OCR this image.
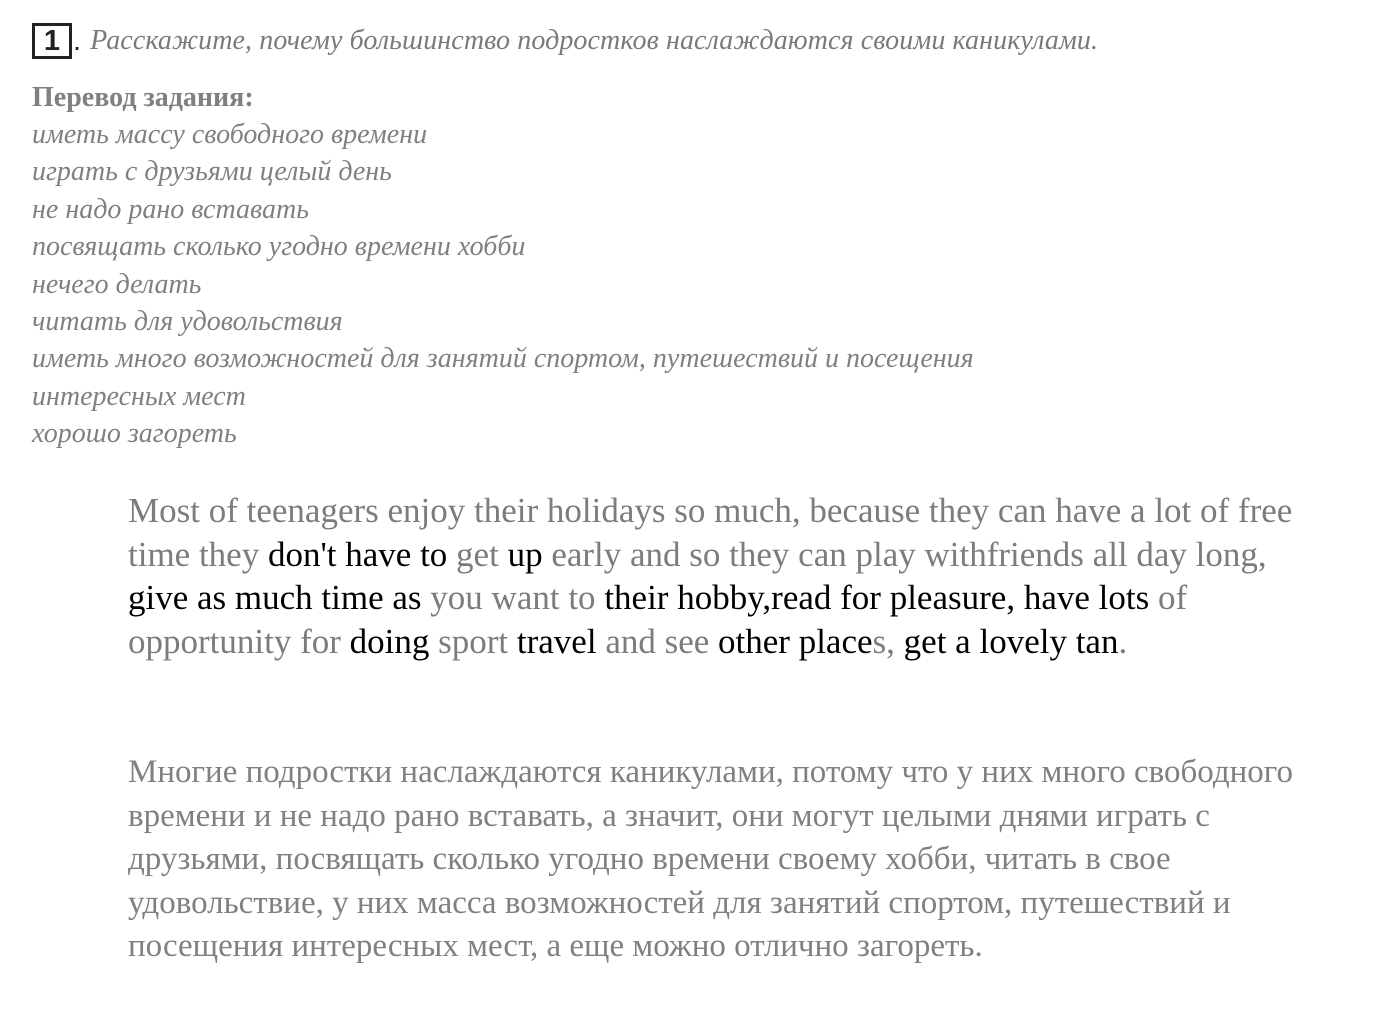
1 . Расскажите, почему большинство подростков наслаждаются своими каникулами.
Перевод задания:
иметь массу свободного времени
играть с друзьями целый день
не надо рано вставать
посвящать сколько угодно времени хобби
нечего делать
читать для удовольствия
иметь много возможностей для занятий спортом, путешествий и посещения
интересных мест
хорошо загореть

Most of teenagers enjoy their holidays so much, because they can have a lot of free time they don't have to get up early and so they can play withfriends all day long, give as much time as you want to their hobby,read for pleasure, have lots of opportunity for doing sport travel and see other places, get a lovely tan.

Многие подростки наслаждаются каникулами, потому что у них много свободного времени и не надо рано вставать, а значит, они могут целыми днями играть с друзьями, посвящать сколько угодно времени своему хобби, читать в свое удовольствие, у них масса возможностей для занятий спортом, путешествий и посещения интересных мест, а еще можно отлично загореть.
